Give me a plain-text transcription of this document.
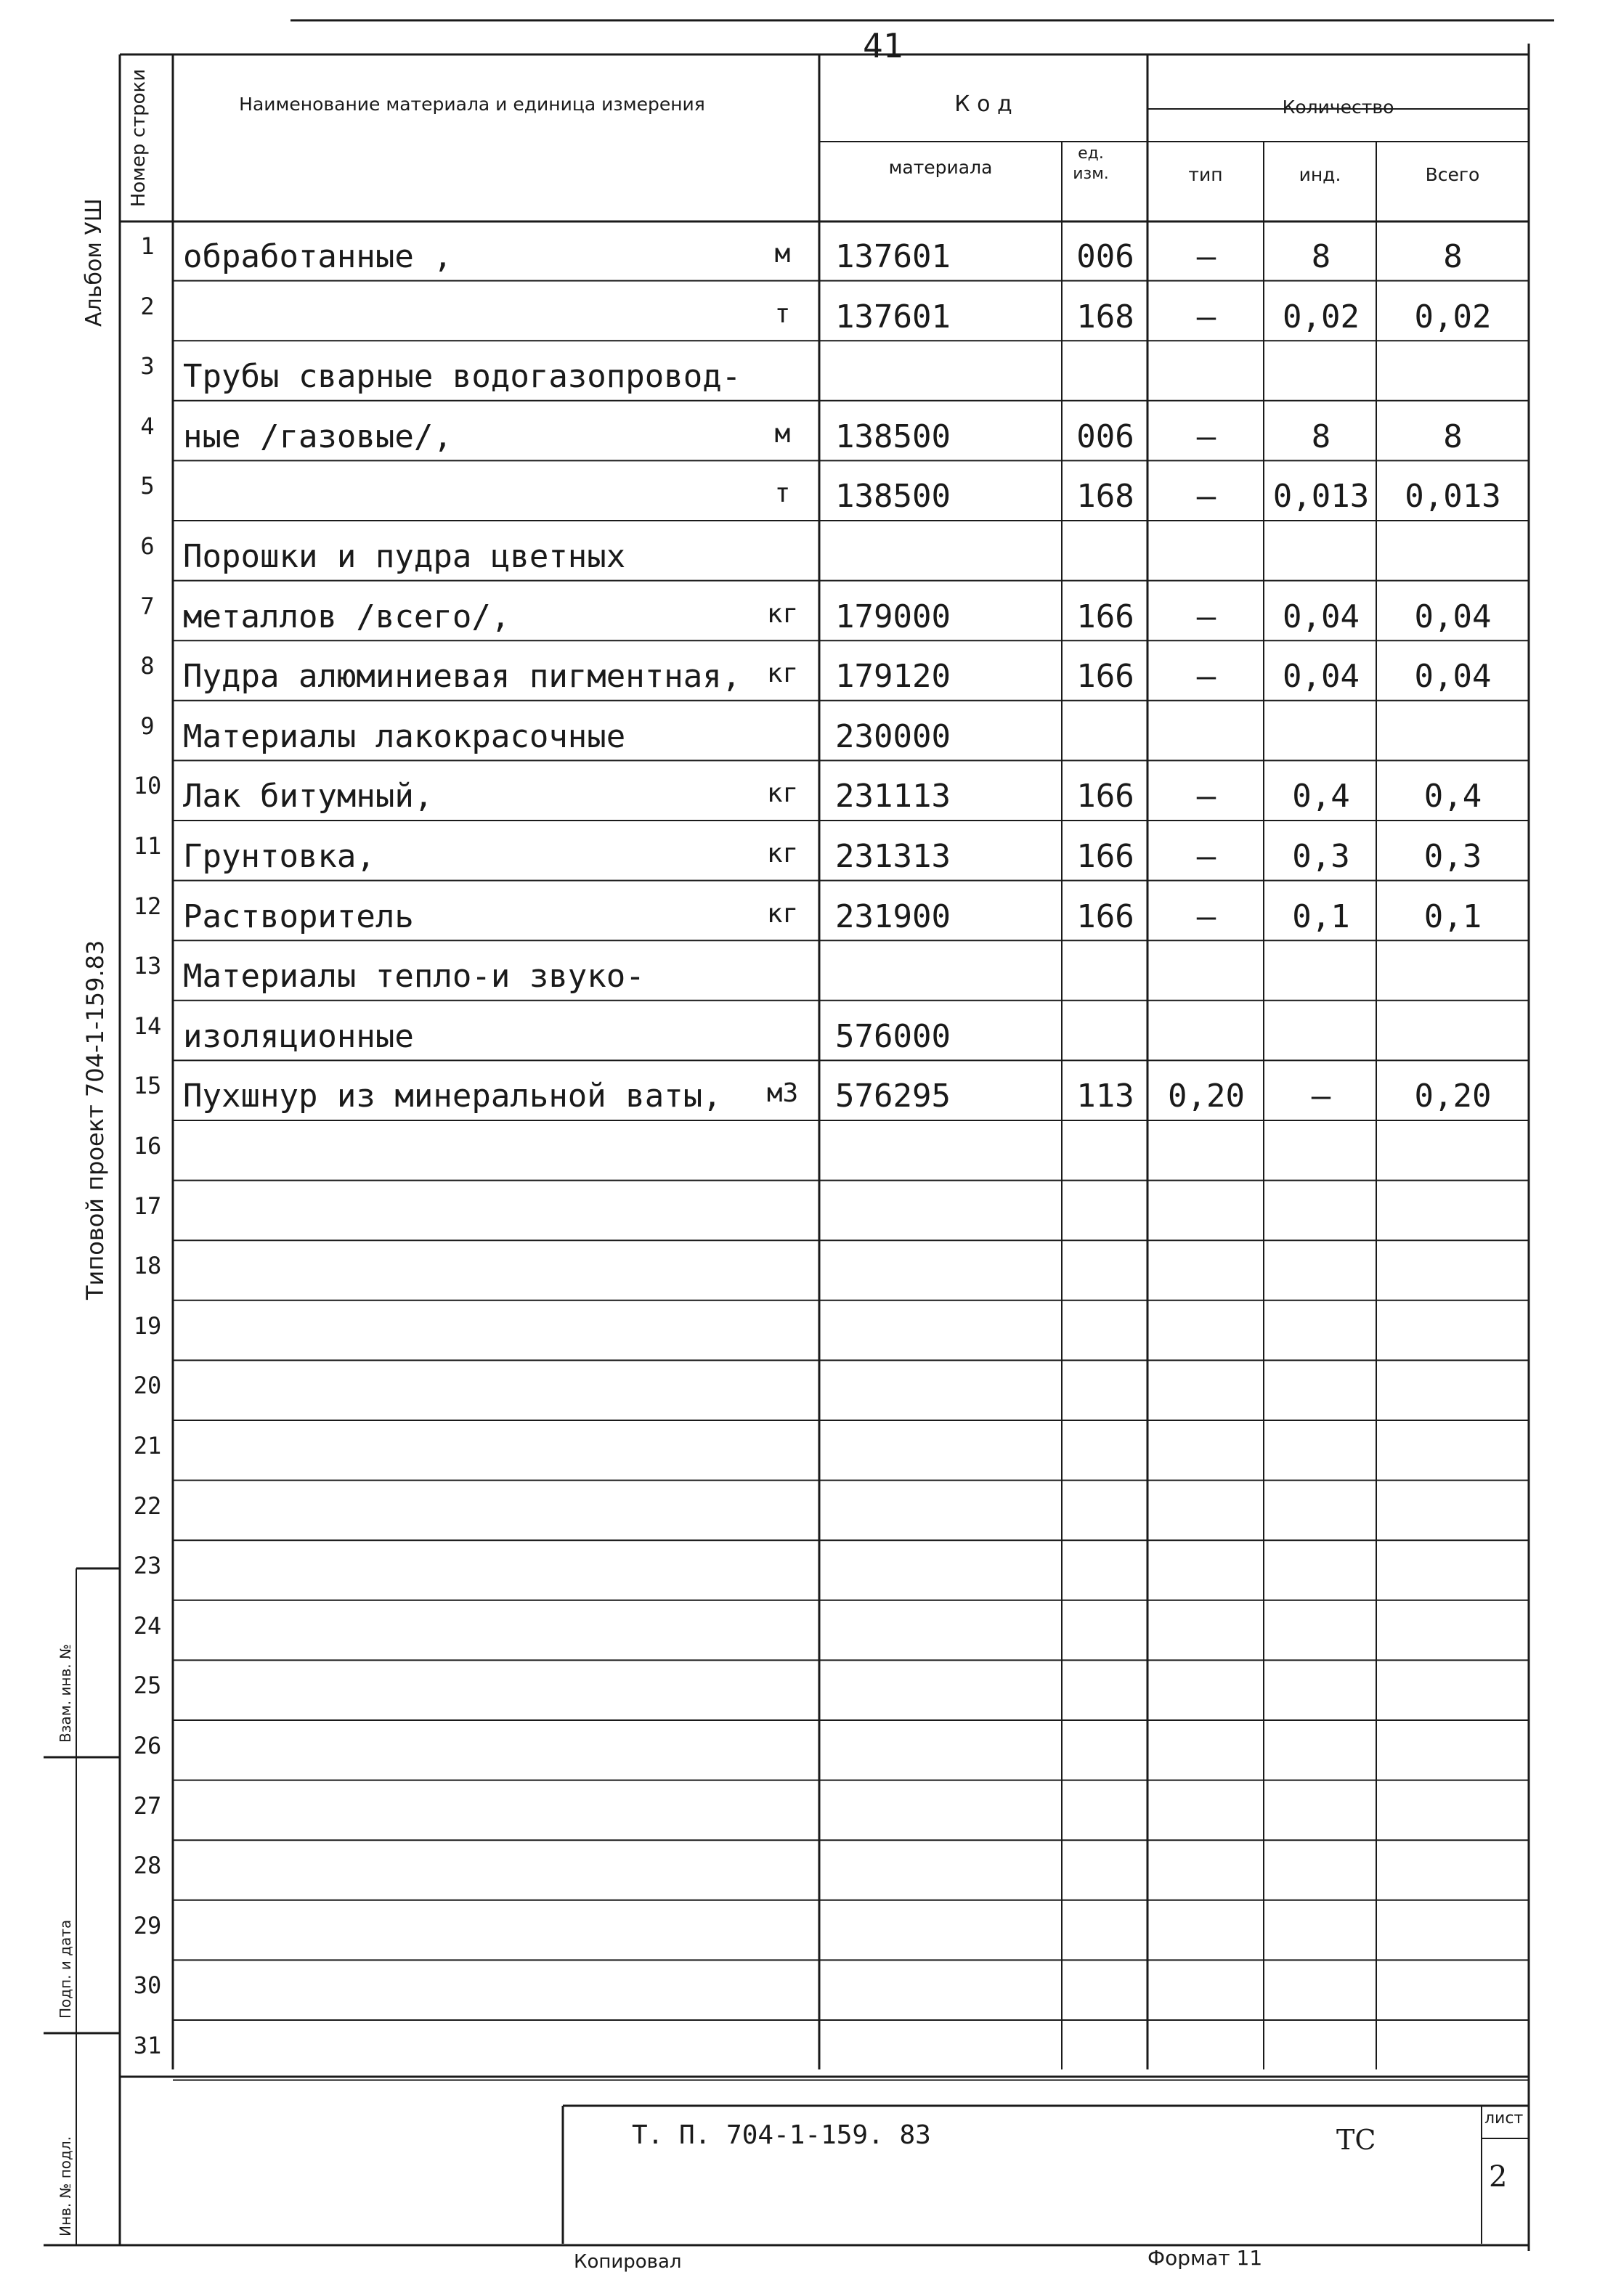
41
Альбом УШ
Типовой проект 704-1-159.83
Инв. № подл.
Подп. и дата
Взам. инв. №
Номер строки	Наименование материала и единица измерения	К о д
материала
ед. изм.
Количество
тип	инд.	Всего
1 обработанные ,	м	137601	006	–	8	8
2	т	137601	168	–	0,02	0,02
3 Трубы сварные водогазопровод-
4 ные /газовые/,	м	138500	006	–	8	8
5	т	138500	168	–	0,013	0,013
6 Порошки и пудра цветных
7 металлов /всего/,	кг	179000	166	–	0,04	0,04
8 Пудра алюминиевая пигментная, кг	179120	166	–	0,04	0,04
9 Материалы лакокрасочные	230000
10 Лак битумный,	кг	231113	166	–	0,4	0,4
11 Грунтовка,	кг	231313	166	–	0,3	0,3
12 Растворитель	кг	231900	166	–	0,1	0,1
13 Материалы тепло-и звуко-
14 изоляционные	576000
15 Пухшнур из минеральной ваты,	м3	576295	113	0,20	–	0,20
16
17
18
19
20
21
22
23
24
25
26
27
28
29
30
31
Т. П. 704-1-159. 83	ТС
лист
2
Копировал	Формат 11
